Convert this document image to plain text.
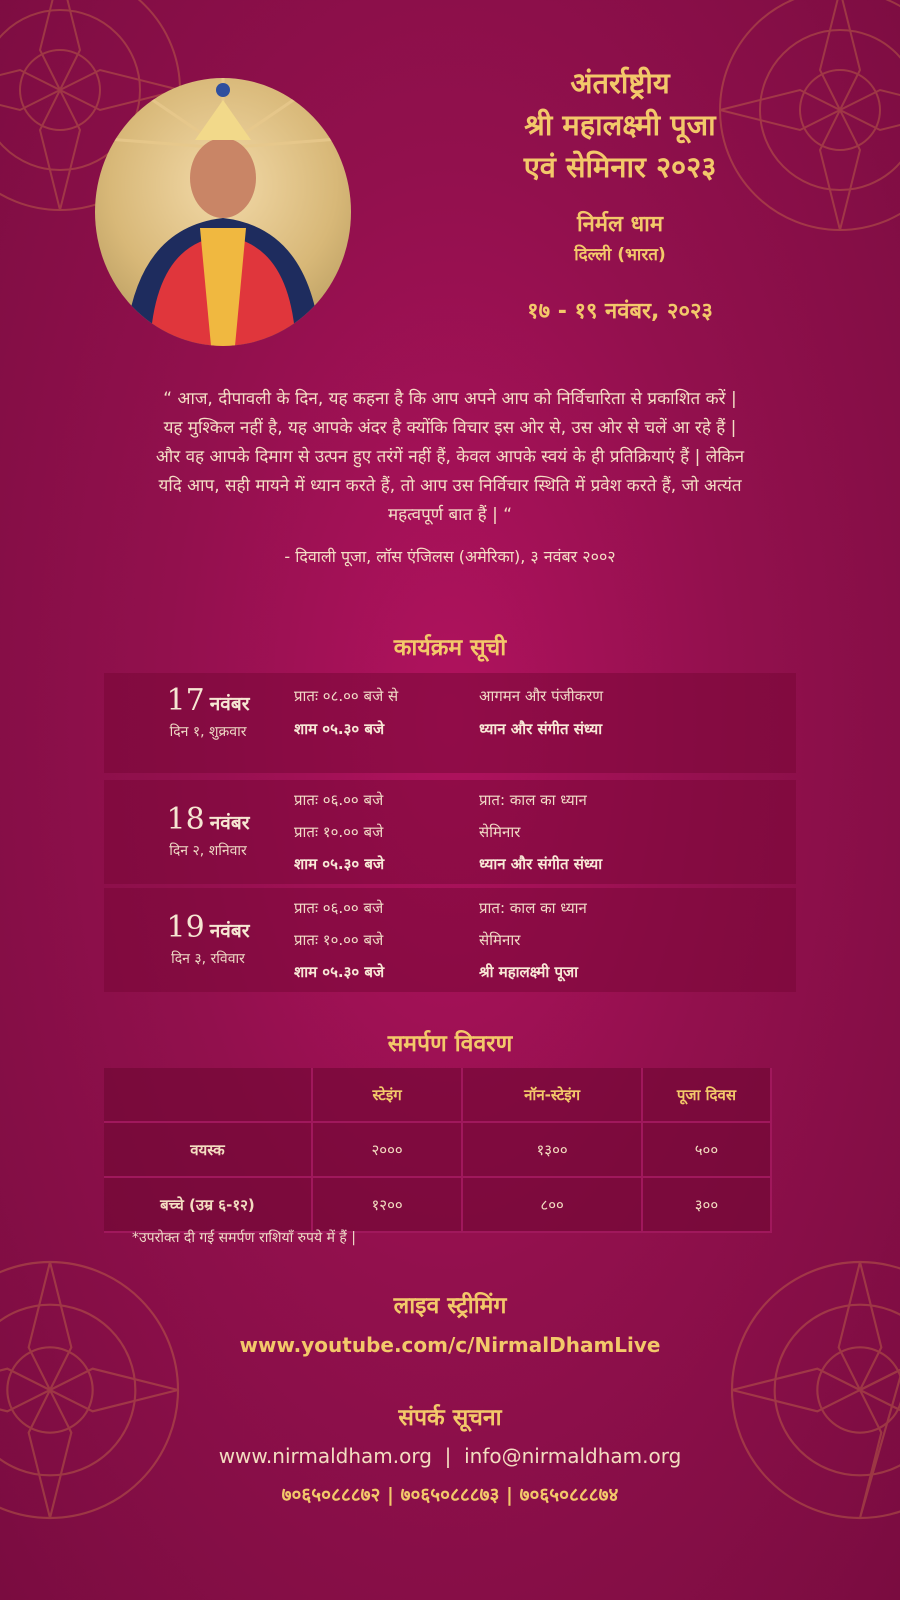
अंतर्राष्ट्रीय
श्री महालक्ष्मी पूजा
एवं सेमिनार २०२३
निर्मल धाम
दिल्ली (भारत)
१७ - १९ नवंबर, २०२३
“ आज, दीपावली के दिन, यह कहना है कि आप अपने आप को निर्विचारिता से प्रकाशित करें |
यह मुश्किल नहीं है, यह आपके अंदर है क्योंकि विचार इस ओर से, उस ओर से चलें आ रहे हैं |
और वह आपके दिमाग से उत्पन हुए तरंगें नहीं हैं, केवल आपके स्वयं के ही प्रतिक्रियाएं हैं | लेकिन
यदि आप, सही मायने में ध्यान करते हैं, तो आप उस निर्विचार स्थिति में प्रवेश करते हैं, जो अत्यंत
महत्वपूर्ण बात हैं | “
- दिवाली पूजा, लॉस एंजिलस (अमेरिका), ३ नवंबर २००२
कार्यक्रम सूची
17 नवंबर
दिन १, शुक्रवार
प्रातः ०८.०० बजे से	आगमन और पंजीकरण
शाम ०५.३० बजे	ध्यान और संगीत संध्या
18 नवंबर
दिन २, शनिवार
प्रातः ०६.०० बजे	प्रात: काल का ध्यान
प्रातः १०.०० बजे	सेमिनार
शाम ०५.३० बजे	ध्यान और संगीत संध्या
19 नवंबर
दिन ३, रविवार
प्रातः ०६.०० बजे	प्रात: काल का ध्यान
प्रातः १०.०० बजे	सेमिनार
शाम ०५.३० बजे	श्री महालक्ष्मी पूजा
समर्पण विवरण
	स्टेइंग	नॉन-स्टेइंग	पूजा दिवस
वयस्क	२०००	१३००	५००
बच्चे (उम्र ६-१२)	१२००	८००	३००
*उपरोक्त दी गई समर्पण राशियाँ रुपये में हैं |
लाइव स्ट्रीमिंग
www.youtube.com/c/NirmalDhamLive
संपर्क सूचना
www.nirmaldham.org  |  info@nirmaldham.org
७०६५०८८८७२ | ७०६५०८८८७३ | ७०६५०८८८७४
